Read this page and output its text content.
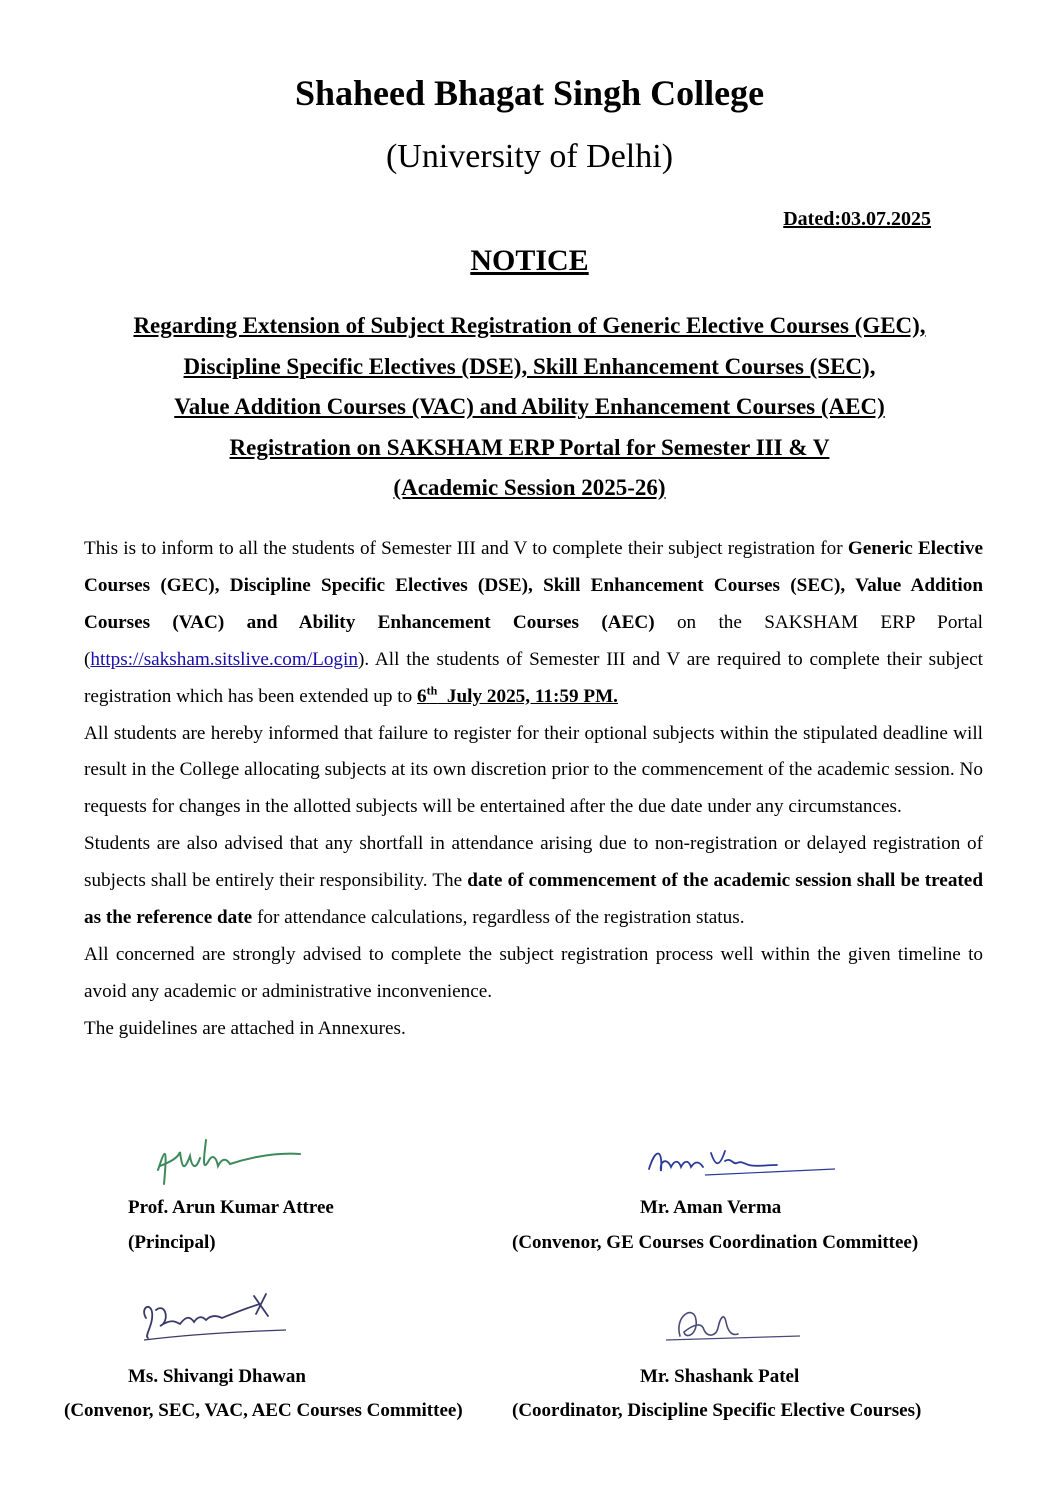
Shaheed Bhagat Singh College
(University of Delhi)
Dated:03.07.2025
NOTICE
Regarding Extension of Subject Registration of Generic Elective Courses (GEC),
Discipline Specific Electives (DSE), Skill Enhancement Courses (SEC),
Value Addition Courses (VAC) and Ability Enhancement Courses (AEC)
Registration on SAKSHAM ERP Portal for Semester III & V
(Academic Session 2025-26)

This is to inform to all the students of Semester III and V to complete their subject registration for Generic Elective Courses (GEC), Discipline Specific Electives (DSE), Skill Enhancement Courses (SEC), Value Addition Courses (VAC) and Ability Enhancement Courses (AEC) on the SAKSHAM ERP Portal (https://saksham.sitslive.com/Login). All the students of Semester III and V are required to complete their subject registration which has been extended up to 6th  July 2025, 11:59 PM.

All students are hereby informed that failure to register for their optional subjects within the stipulated deadline will result in the College allocating subjects at its own discretion prior to the commencement of the academic session. No requests for changes in the allotted subjects will be entertained after the due date under any circumstances.

Students are also advised that any shortfall in attendance arising due to non-registration or delayed registration of subjects shall be entirely their responsibility. The date of commencement of the academic session shall be treated as the reference date for attendance calculations, regardless of the registration status.

All concerned are strongly advised to complete the subject registration process well within the given timeline to avoid any academic or administrative inconvenience.

The guidelines are attached in Annexures.

Prof. Arun Kumar Attree
(Principal)
Mr. Aman Verma
(Convenor, GE Courses Coordination Committee)
Ms. Shivangi Dhawan
(Convenor, SEC, VAC, AEC Courses Committee)
Mr. Shashank Patel
(Coordinator, Discipline Specific Elective Courses)
